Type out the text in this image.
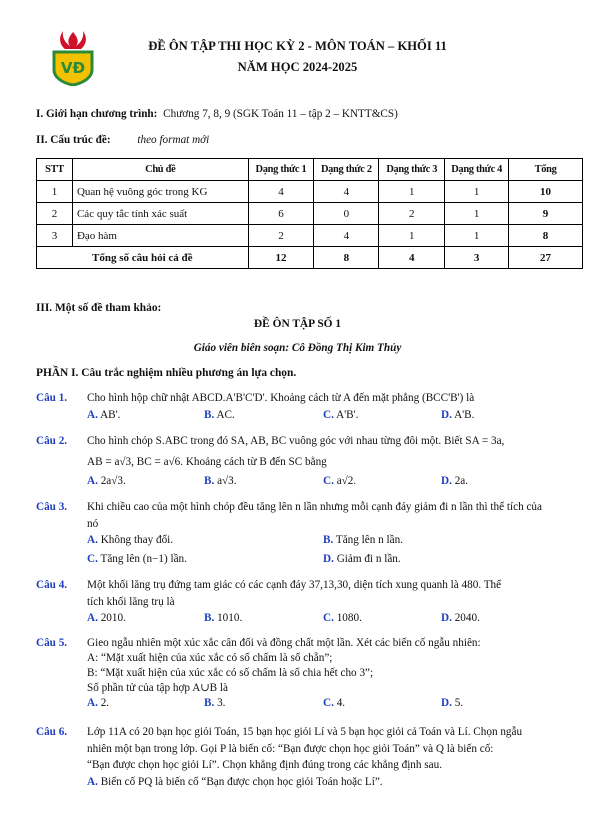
VĐ
ĐỀ ÔN TẬP THI HỌC KỲ 2 - MÔN TOÁN – KHỐI 11
NĂM HỌC 2024-2025
I. Giới hạn chương trình: Chương 7, 8, 9 (SGK Toán 11 – tập 2 – KNTT&CS)
II. Cấu trúc đề: theo format mới
STT	Chủ đề	Dạng thức 1	Dạng thức 2	Dạng thức 3	Dạng thức 4	Tổng
1	Quan hệ vuông góc trong KG	4	4	1	1	10
2	Các quy tắc tính xác suất	6	0	2	1	9
3	Đạo hàm	2	4	1	1	8
Tổng số câu hỏi cả đề		12	8	4	3	27
III. Một số đề tham khảo:
ĐỀ ÔN TẬP SỐ 1
Giáo viên biên soạn: Cô Đồng Thị Kim Thủy
PHẦN I. Câu trắc nghiệm nhiều phương án lựa chọn.
Câu 1. Cho hình hộp chữ nhật ABCD.A'B'C'D'. Khoảng cách từ A đến mặt phẳng (BCC'B') là
A. AB'.	B. AC.	C. A'B'.	D. A'B.
Câu 2. Cho hình chóp S.ABC trong đó SA, AB, BC vuông góc với nhau từng đôi một. Biết SA = 3a,
AB = a√3, BC = a√6. Khoảng cách từ B đến SC bằng
A. 2a√3.	B. a√3.	C. a√2.	D. 2a.
Câu 3. Khi chiều cao của một hình chóp đều tăng lên n lần nhưng mỗi cạnh đáy giảm đi n lần thì thể tích của
nó
A. Không thay đổi.	B. Tăng lên n lần.
C. Tăng lên (n−1) lần.	D. Giảm đi n lần.
Câu 4. Một khối lăng trụ đứng tam giác có các cạnh đáy 37,13,30, diện tích xung quanh là 480. Thể
tích khối lăng trụ là
A. 2010.	B. 1010.	C. 1080.	D. 2040.
Câu 5. Gieo ngẫu nhiên một xúc xắc cân đối và đồng chất một lần. Xét các biến cố ngẫu nhiên:
A: “Mặt xuất hiện của xúc xắc có số chấm là số chẵn”;
B: “Mặt xuất hiện của xúc xắc có số chấm là số chia hết cho 3”;
Số phần tử của tập hợp A∪B là
A. 2.	B. 3.	C. 4.	D. 5.
Câu 6. Lớp 11A có 20 bạn học giỏi Toán, 15 bạn học giỏi Lí và 5 bạn học giỏi cả Toán và Lí. Chọn ngẫu
nhiên một bạn trong lớp. Gọi P là biến cố: “Bạn được chọn học giỏi Toán” và Q là biến cố:
“Bạn được chọn học giỏi Lí”. Chọn khẳng định đúng trong các khẳng định sau.
A. Biến cố PQ là biến cố “Bạn được chọn học giỏi Toán hoặc Lí”.
